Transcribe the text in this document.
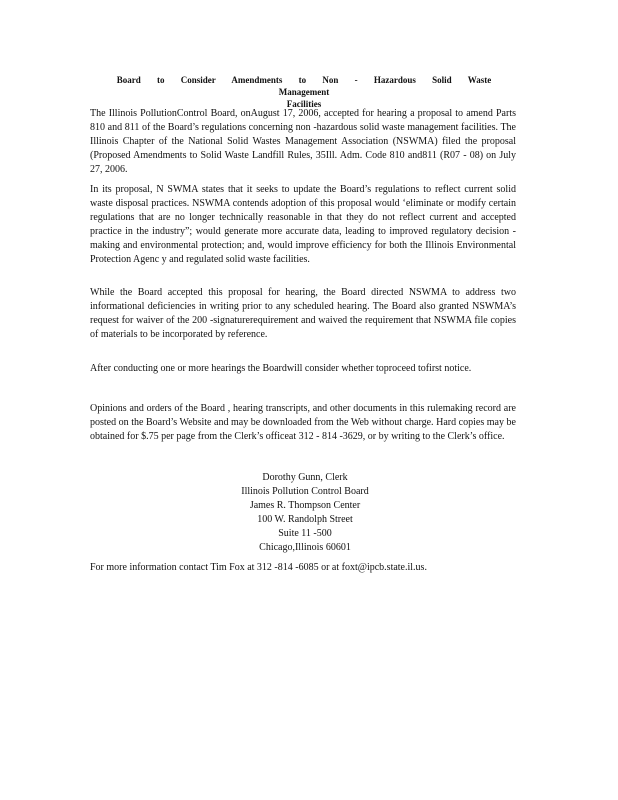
Board to Consider Amendments to Non - Hazardous Solid Waste Management
Facilities

The Illinois PollutionControl Board, onAugust 17, 2006, accepted for hearing a proposal to amend Parts 810 and 811 of the Board’s regulations concerning non -hazardous solid waste management facilities. The Illinois Chapter of the National Solid Wastes Management Association (NSWMA) filed the proposal (Proposed Amendments to Solid Waste Landfill Rules, 35Ill. Adm. Code 810 and811 (R07 - 08) on July 27, 2006.

In its proposal, N SWMA states that it seeks to update the Board’s regulations to reflect current solid waste disposal practices. NSWMA contends adoption of this proposal would ‘eliminate or modify certain regulations that are no longer technically reasonable in that they do not reflect current and accepted practice in the industry”; would generate more accurate data, leading to improved regulatory decision -making and environmental protection; and, would improve efficiency for both the Illinois Environmental Protection Agenc y and regulated solid waste facilities.

While the Board accepted this proposal for hearing, the Board directed NSWMA to address two informational deficiencies in writing prior to any scheduled hearing. The Board also granted NSWMA’s request for waiver of the 200 -signaturerequirement and waived the requirement that NSWMA file copies of materials to be incorporated by reference.

After conducting one or more hearings the Boardwill consider whether toproceed tofirst notice.

Opinions and orders of the Board , hearing transcripts, and other documents in this rulemaking record are posted on the Board’s Website and may be downloaded from the Web without charge. Hard copies may be obtained for $.75 per page from the Clerk’s officeat 312 - 814 -3629, or by writing to the Clerk’s office.

Dorothy Gunn, Clerk
Illinois Pollution Control Board
James R. Thompson Center
100 W. Randolph Street
Suite 11 -500
Chicago,Illinois 60601

For more information contact Tim Fox at 312 -814 -6085 or at foxt@ipcb.state.il.us.
